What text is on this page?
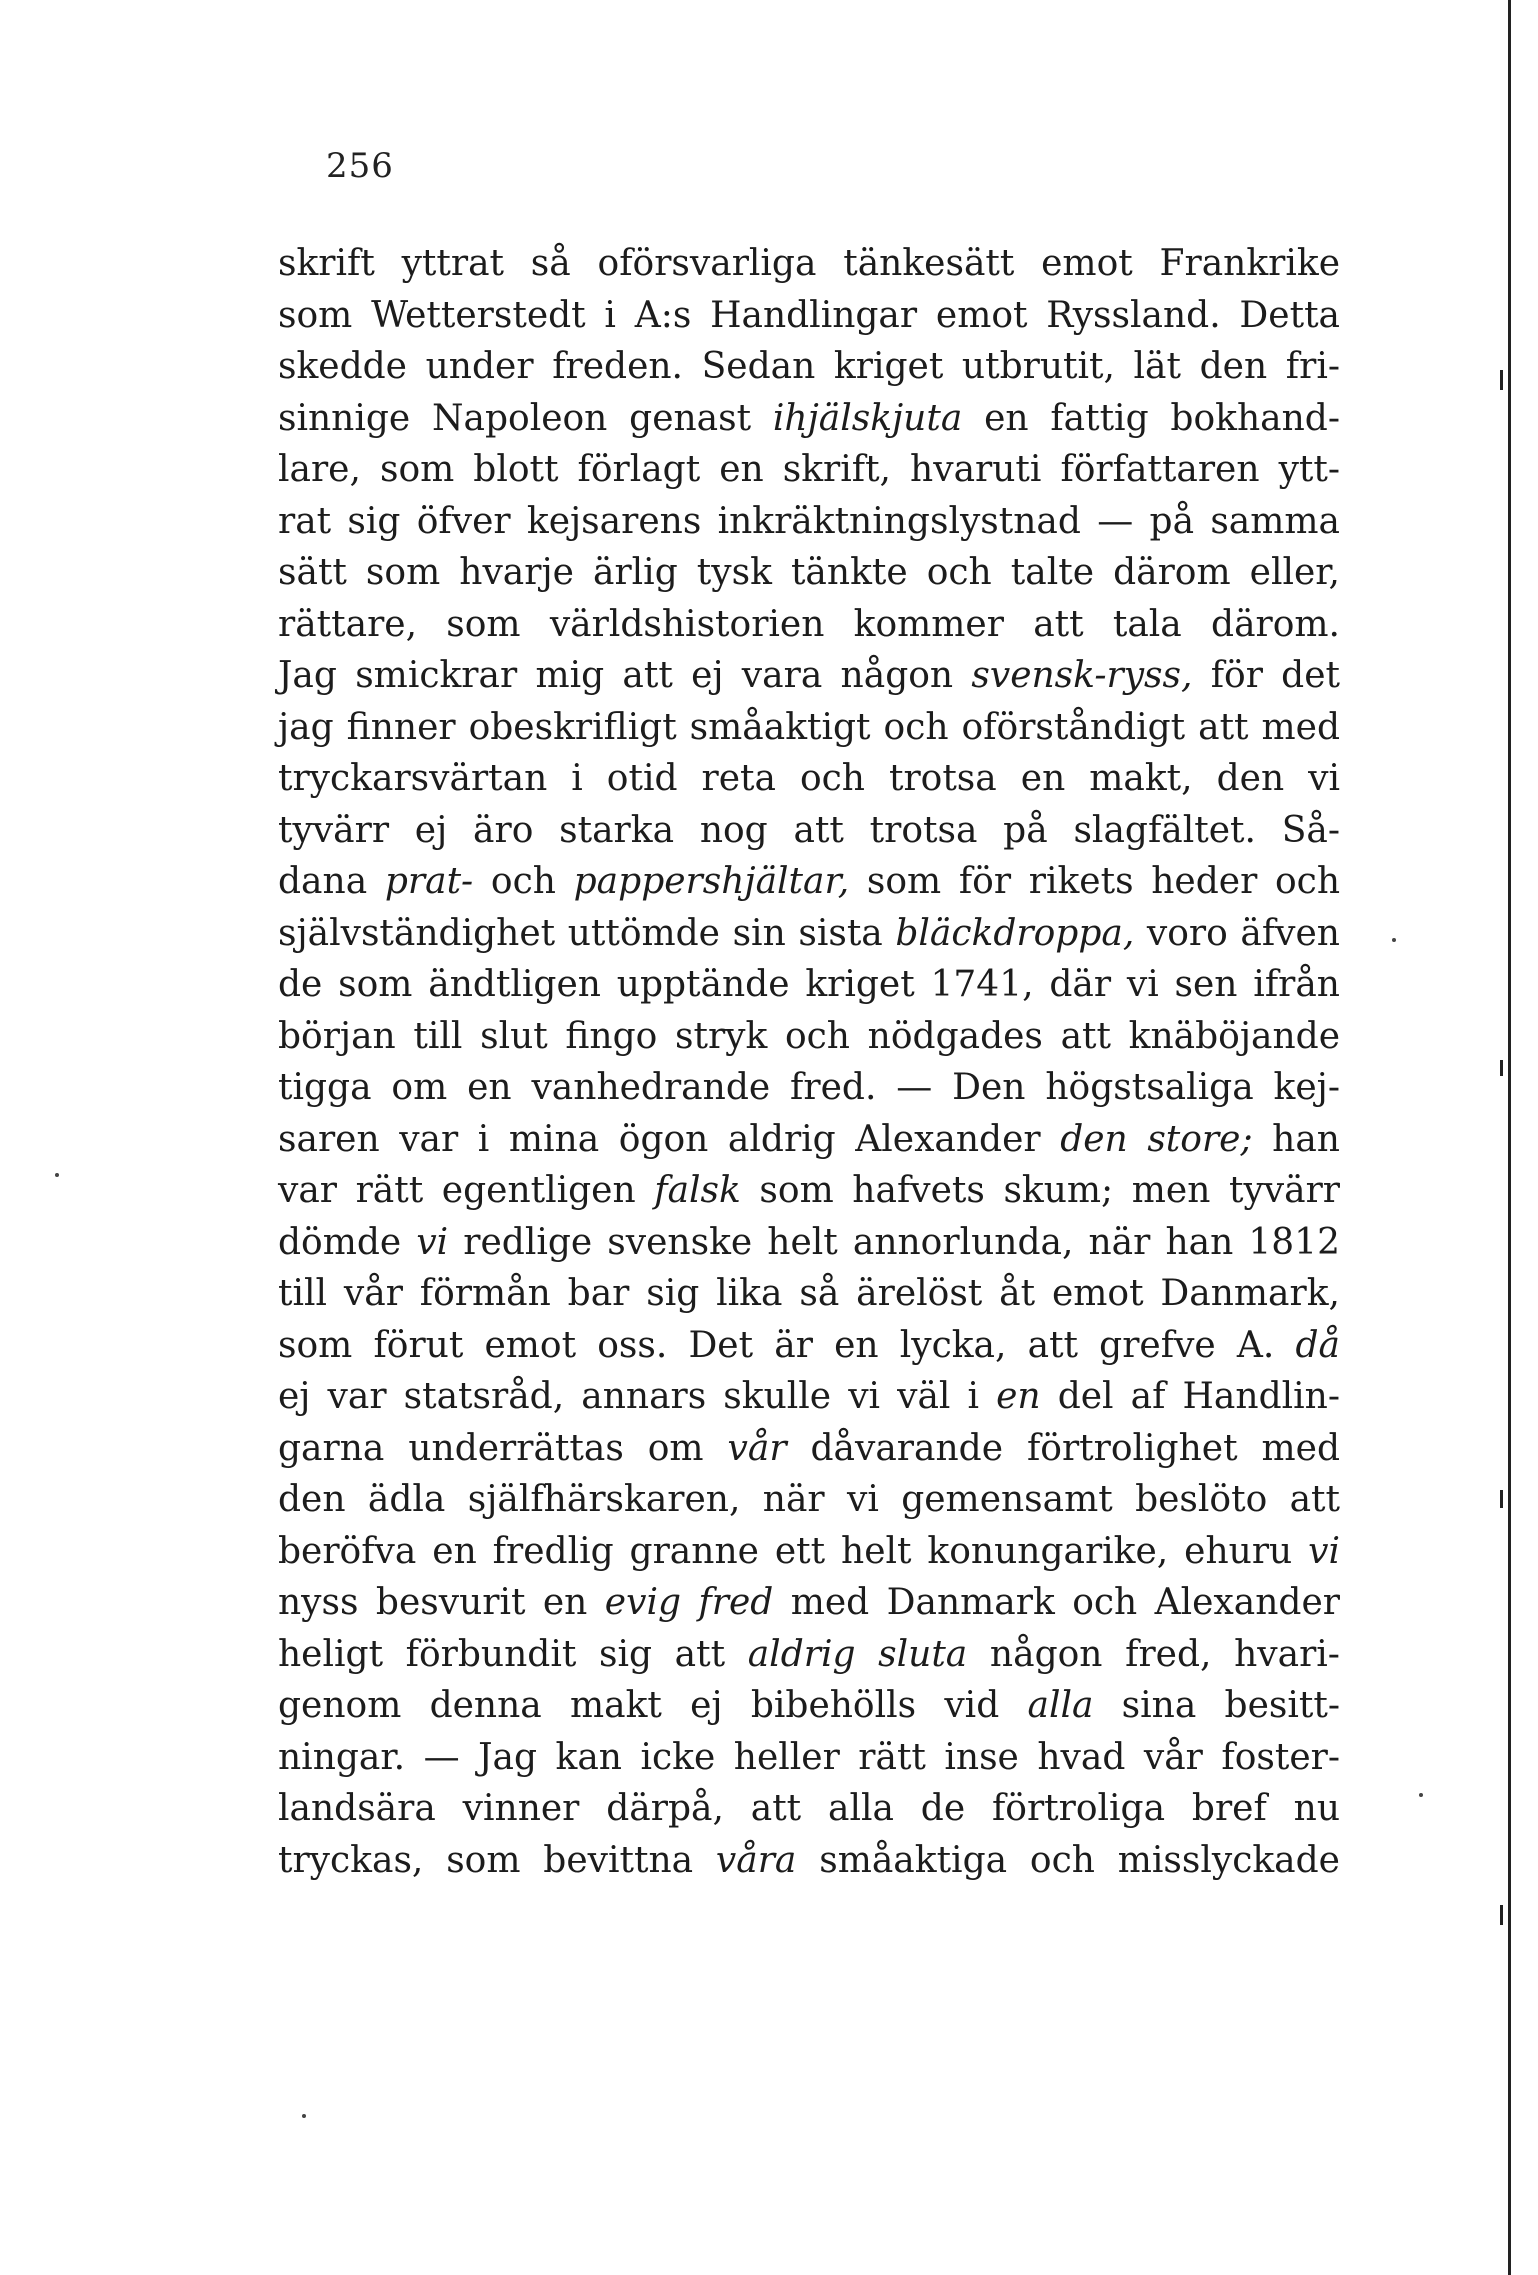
256
skrift yttrat så oförsvarliga tänkesätt emot Frankrike
som Wetterstedt i A:s Handlingar emot Ryssland. Detta
skedde under freden. Sedan kriget utbrutit, lät den fri-
sinnige Napoleon genast ihjälskjuta en fattig bokhand-
lare, som blott förlagt en skrift, hvaruti författaren ytt-
rat sig öfver kejsarens inkräktningslystnad — på samma
sätt som hvarje ärlig tysk tänkte och talte därom eller,
rättare, som världshistorien kommer att tala därom.
Jag smickrar mig att ej vara någon svensk-ryss, för det
jag finner obeskrifligt småaktigt och oförståndigt att med
tryckarsvärtan i otid reta och trotsa en makt, den vi
tyvärr ej äro starka nog att trotsa på slagfältet. Så-
dana prat- och pappershjältar, som för rikets heder och
självständighet uttömde sin sista bläckdroppa, voro äfven
de som ändtligen upptände kriget 1741, där vi sen ifrån
början till slut fingo stryk och nödgades att knäböjande
tigga om en vanhedrande fred. — Den högstsaliga kej-
saren var i mina ögon aldrig Alexander den store; han
var rätt egentligen falsk som hafvets skum; men tyvärr
dömde vi redlige svenske helt annorlunda, när han 1812
till vår förmån bar sig lika så ärelöst åt emot Danmark,
som förut emot oss. Det är en lycka, att grefve A. då
ej var statsråd, annars skulle vi väl i en del af Handlin-
garna underrättas om vår dåvarande förtrolighet med
den ädla själfhärskaren, när vi gemensamt beslöto att
beröfva en fredlig granne ett helt konungarike, ehuru vi
nyss besvurit en evig fred med Danmark och Alexander
heligt förbundit sig att aldrig sluta någon fred, hvari-
genom denna makt ej bibehölls vid alla sina besitt-
ningar. — Jag kan icke heller rätt inse hvad vår foster-
landsära vinner därpå, att alla de förtroliga bref nu
tryckas, som bevittna våra småaktiga och misslyckade
